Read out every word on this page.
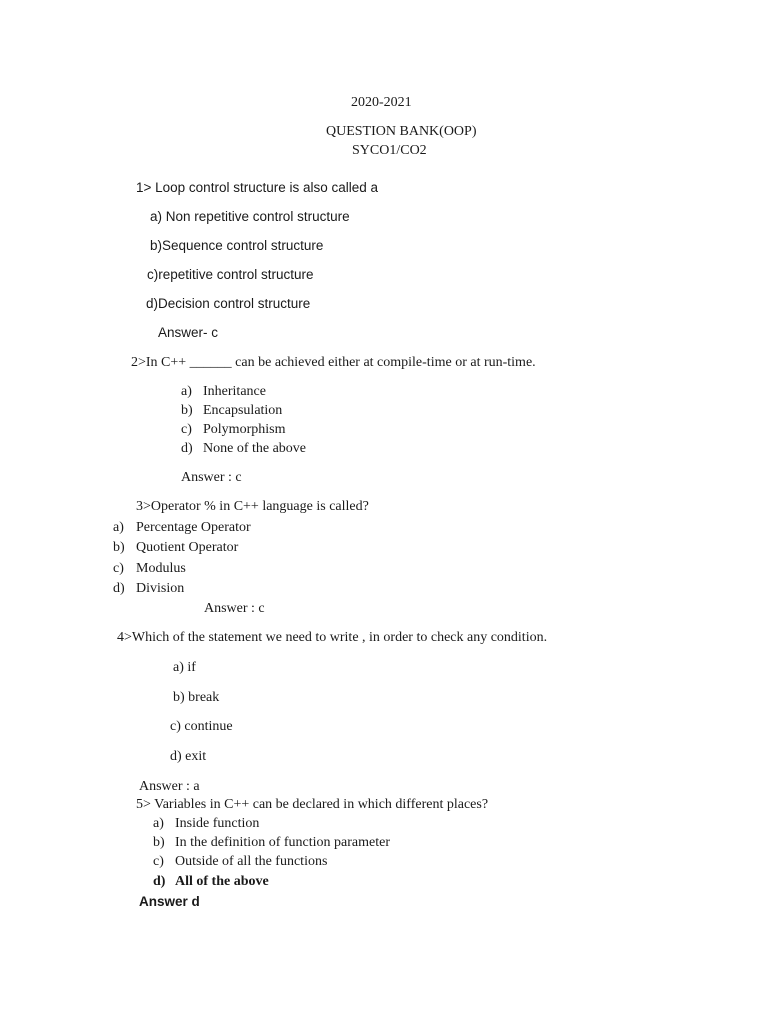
2020-2021
QUESTION BANK(OOP)
SYCO1/CO2
1> Loop control structure is also called a
a) Non repetitive control structure
b)Sequence control structure
c)repetitive control structure
d)Decision control structure
Answer- c
2>In C++ ______ can be achieved either at compile-time or at run-time.
a) Inheritance
b) Encapsulation
c) Polymorphism
d) None of the above
Answer : c
3>Operator % in C++ language is called?
a) Percentage Operator
b) Quotient Operator
c) Modulus
d) Division
Answer : c
4>Which of the statement we need to write , in order to check any condition.
a) if
b) break
c) continue
d) exit
Answer : a
5> Variables in C++ can be declared in which different places?
a) Inside function
b) In the definition of function parameter
c) Outside of all the functions
d) All of the above
Answer d
